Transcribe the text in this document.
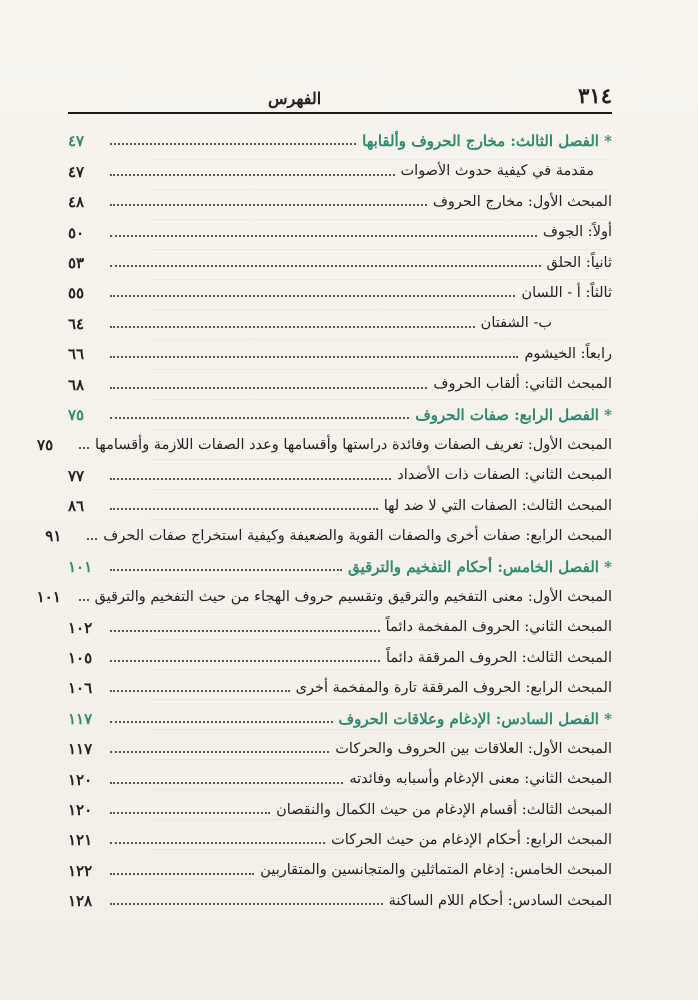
٣١٤
الفهرس
* الفصل الثالث: مخارج الحروف وألقابها
٤٧
مقدمة في كيفية حدوث الأصوات
٤٧
المبحث الأول: مخارج الحروف
٤٨
أولاً: الجوف
٥٠
ثانياً: الحلق
٥٣
ثالثاً: أ - اللسان
٥٥
ب- الشفتان
٦٤
رابعاً: الخيشوم
٦٦
المبحث الثاني: ألقاب الحروف
٦٨
* الفصل الرابع: صفات الحروف
٧٥
المبحث الأول: تعريف الصفات وفائدة دراستها وأقسامها وعدد الصفات اللازمة وأقسامها
٧٥
المبحث الثاني: الصفات ذات الأضداد
٧٧
المبحث الثالث: الصفات التي لا ضد لها
٨٦
المبحث الرابع: صفات أخرى والصفات القوية والضعيفة وكيفية استخراج صفات الحرف
٩١
* الفصل الخامس: أحكام التفخيم والترقيق
١٠١
المبحث الأول: معنى التفخيم والترقيق وتقسيم حروف الهجاء من حيث التفخيم والترقيق
١٠١
المبحث الثاني: الحروف المفخمة دائماً
١٠٢
المبحث الثالث: الحروف المرققة دائماً
١٠٥
المبحث الرابع: الحروف المرققة تارة والمفخمة أخرى
١٠٦
* الفصل السادس: الإدغام وعلاقات الحروف
١١٧
المبحث الأول: العلاقات بين الحروف والحركات
١١٧
المبحث الثاني: معنى الإدغام وأسبابه وفائدته
١٢٠
المبحث الثالث: أقسام الإدغام من حيث الكمال والنقصان
١٢٠
المبحث الرابع: أحكام الإدغام من حيث الحركات
١٢١
المبحث الخامس: إدغام المتماثلين والمتجانسين والمتقاربين
١٢٢
المبحث السادس: أحكام اللام الساكنة
١٢٨
